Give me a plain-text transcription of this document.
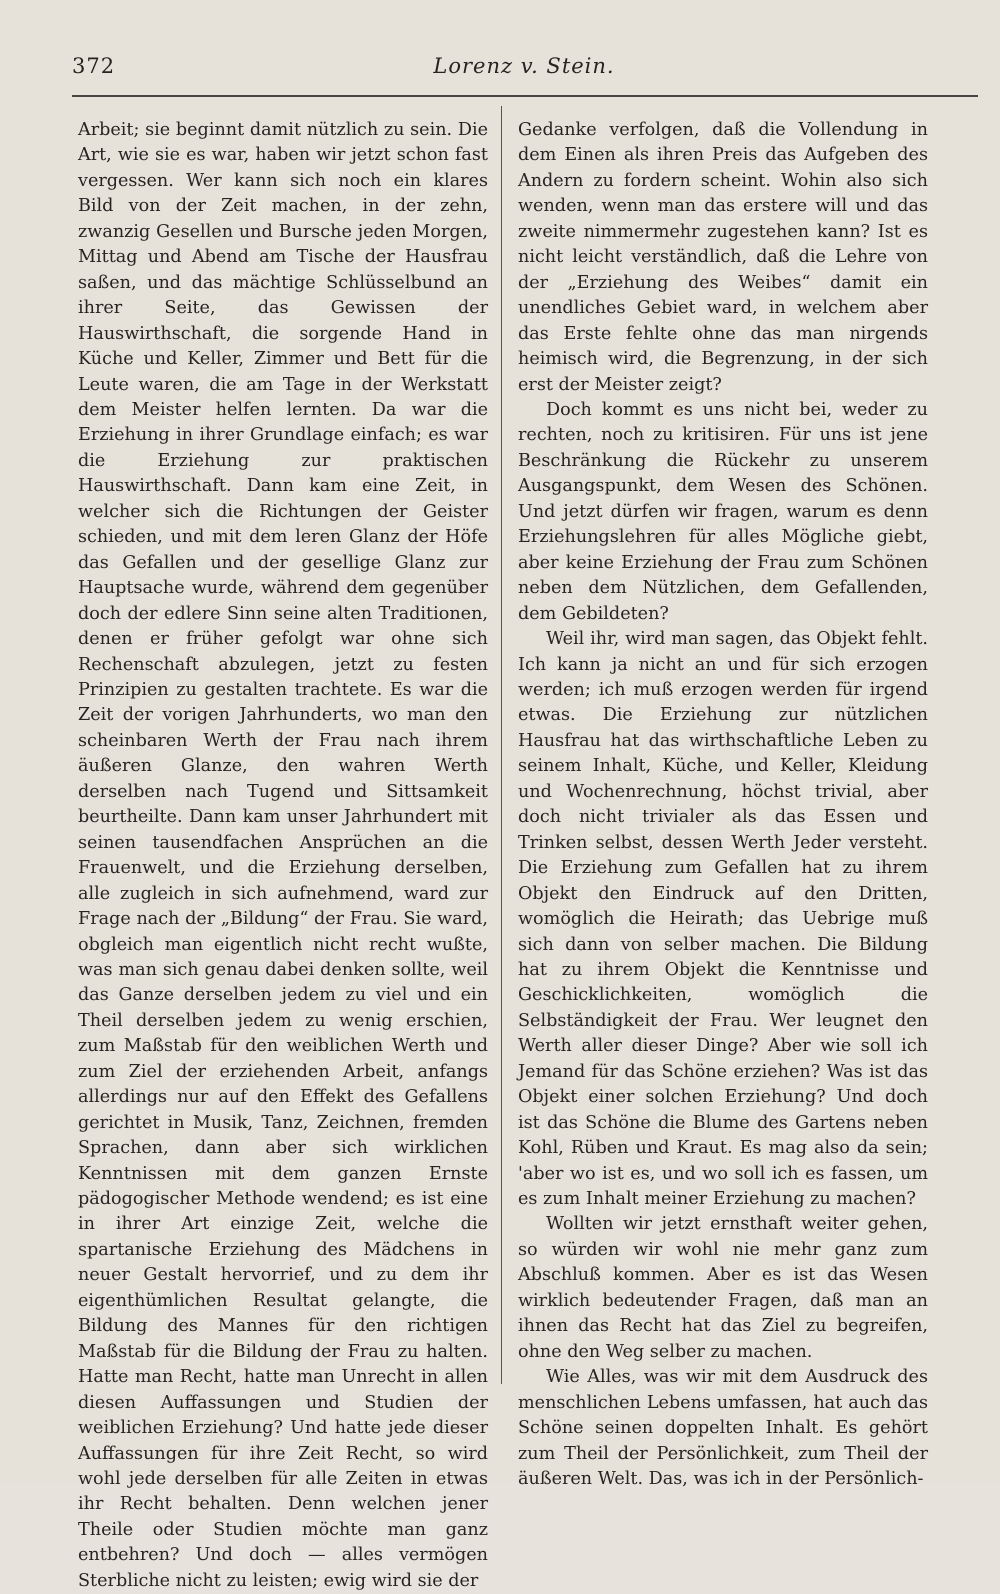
372	Lorenz v. Stein.

Arbeit; sie beginnt damit nützlich zu sein. Die Art, wie sie es war, haben wir jetzt schon fast vergessen. Wer kann sich noch ein klares Bild von der Zeit machen, in der zehn, zwanzig Gesellen und Bursche jeden Morgen, Mittag und Abend am Tische der Hausfrau saßen, und das mächtige Schlüsselbund an ihrer Seite, das Gewissen der Hauswirthschaft, die sorgende Hand in Küche und Keller, Zimmer und Bett für die Leute waren, die am Tage in der Werkstatt dem Meister helfen lernten. Da war die Erziehung in ihrer Grundlage einfach; es war die Erziehung zur praktischen Hauswirthschaft. Dann kam eine Zeit, in welcher sich die Richtungen der Geister schieden, und mit dem leren Glanz der Höfe das Gefallen und der gesellige Glanz zur Hauptsache wurde, während dem gegenüber doch der edlere Sinn seine alten Traditionen, denen er früher gefolgt war ohne sich Rechenschaft abzulegen, jetzt zu festen Prinzipien zu gestalten trachtete. Es war die Zeit der vorigen Jahrhunderts, wo man den scheinbaren Werth der Frau nach ihrem äußeren Glanze, den wahren Werth derselben nach Tugend und Sittsamkeit beurtheilte. Dann kam unser Jahrhundert mit seinen tausendfachen Ansprüchen an die Frauenwelt, und die Erziehung derselben, alle zugleich in sich aufnehmend, ward zur Frage nach der „Bildung“ der Frau. Sie ward, obgleich man eigentlich nicht recht wußte, was man sich genau dabei denken sollte, weil das Ganze derselben jedem zu viel und ein Theil derselben jedem zu wenig erschien, zum Maßstab für den weiblichen Werth und zum Ziel der erziehenden Arbeit, anfangs allerdings nur auf den Effekt des Gefallens gerichtet in Musik, Tanz, Zeichnen, fremden Sprachen, dann aber sich wirklichen Kenntnissen mit dem ganzen Ernste pädogogischer Methode wendend; es ist eine in ihrer Art einzige Zeit, welche die spartanische Erziehung des Mädchens in neuer Gestalt hervorrief, und zu dem ihr eigenthümlichen Resultat gelangte, die Bildung des Mannes für den richtigen Maßstab für die Bildung der Frau zu halten. Hatte man Recht, hatte man Unrecht in allen diesen Auffassungen und Studien der weiblichen Erziehung? Und hatte jede dieser Auffassungen für ihre Zeit Recht, so wird wohl jede derselben für alle Zeiten in etwas ihr Recht behalten. Denn welchen jener Theile oder Studien möchte man ganz entbehren? Und doch — alles vermögen Sterbliche nicht zu leisten; ewig wird sie der

Gedanke verfolgen, daß die Vollendung in dem Einen als ihren Preis das Aufgeben des Andern zu fordern scheint. Wohin also sich wenden, wenn man das erstere will und das zweite nimmermehr zugestehen kann? Ist es nicht leicht verständlich, daß die Lehre von der „Erziehung des Weibes“ damit ein unendliches Gebiet ward, in welchem aber das Erste fehlte ohne das man nirgends heimisch wird, die Begrenzung, in der sich erst der Meister zeigt?

Doch kommt es uns nicht bei, weder zu rechten, noch zu kritisiren. Für uns ist jene Beschränkung die Rückehr zu unserem Ausgangspunkt, dem Wesen des Schönen. Und jetzt dürfen wir fragen, warum es denn Erziehungslehren für alles Mögliche giebt, aber keine Erziehung der Frau zum Schönen neben dem Nützlichen, dem Gefallenden, dem Gebildeten?

Weil ihr, wird man sagen, das Objekt fehlt. Ich kann ja nicht an und für sich erzogen werden; ich muß erzogen werden für irgend etwas. Die Erziehung zur nützlichen Hausfrau hat das wirthschaftliche Leben zu seinem Inhalt, Küche, und Keller, Kleidung und Wochenrechnung, höchst trivial, aber doch nicht trivialer als das Essen und Trinken selbst, dessen Werth Jeder versteht. Die Erziehung zum Gefallen hat zu ihrem Objekt den Eindruck auf den Dritten, womöglich die Heirath; das Uebrige muß sich dann von selber machen. Die Bildung hat zu ihrem Objekt die Kenntnisse und Geschicklichkeiten, womöglich die Selbständigkeit der Frau. Wer leugnet den Werth aller dieser Dinge? Aber wie soll ich Jemand für das Schöne erziehen? Was ist das Objekt einer solchen Erziehung? Und doch ist das Schöne die Blume des Gartens neben Kohl, Rüben und Kraut. Es mag also da sein; 'aber wo ist es, und wo soll ich es fassen, um es zum Inhalt meiner Erziehung zu machen?

Wollten wir jetzt ernsthaft weiter gehen, so würden wir wohl nie mehr ganz zum Abschluß kommen. Aber es ist das Wesen wirklich bedeutender Fragen, daß man an ihnen das Recht hat das Ziel zu begreifen, ohne den Weg selber zu machen.

Wie Alles, was wir mit dem Ausdruck des menschlichen Lebens umfassen, hat auch das Schöne seinen doppelten Inhalt. Es gehört zum Theil der Persönlichkeit, zum Theil der äußeren Welt. Das, was ich in der Persönlich-
